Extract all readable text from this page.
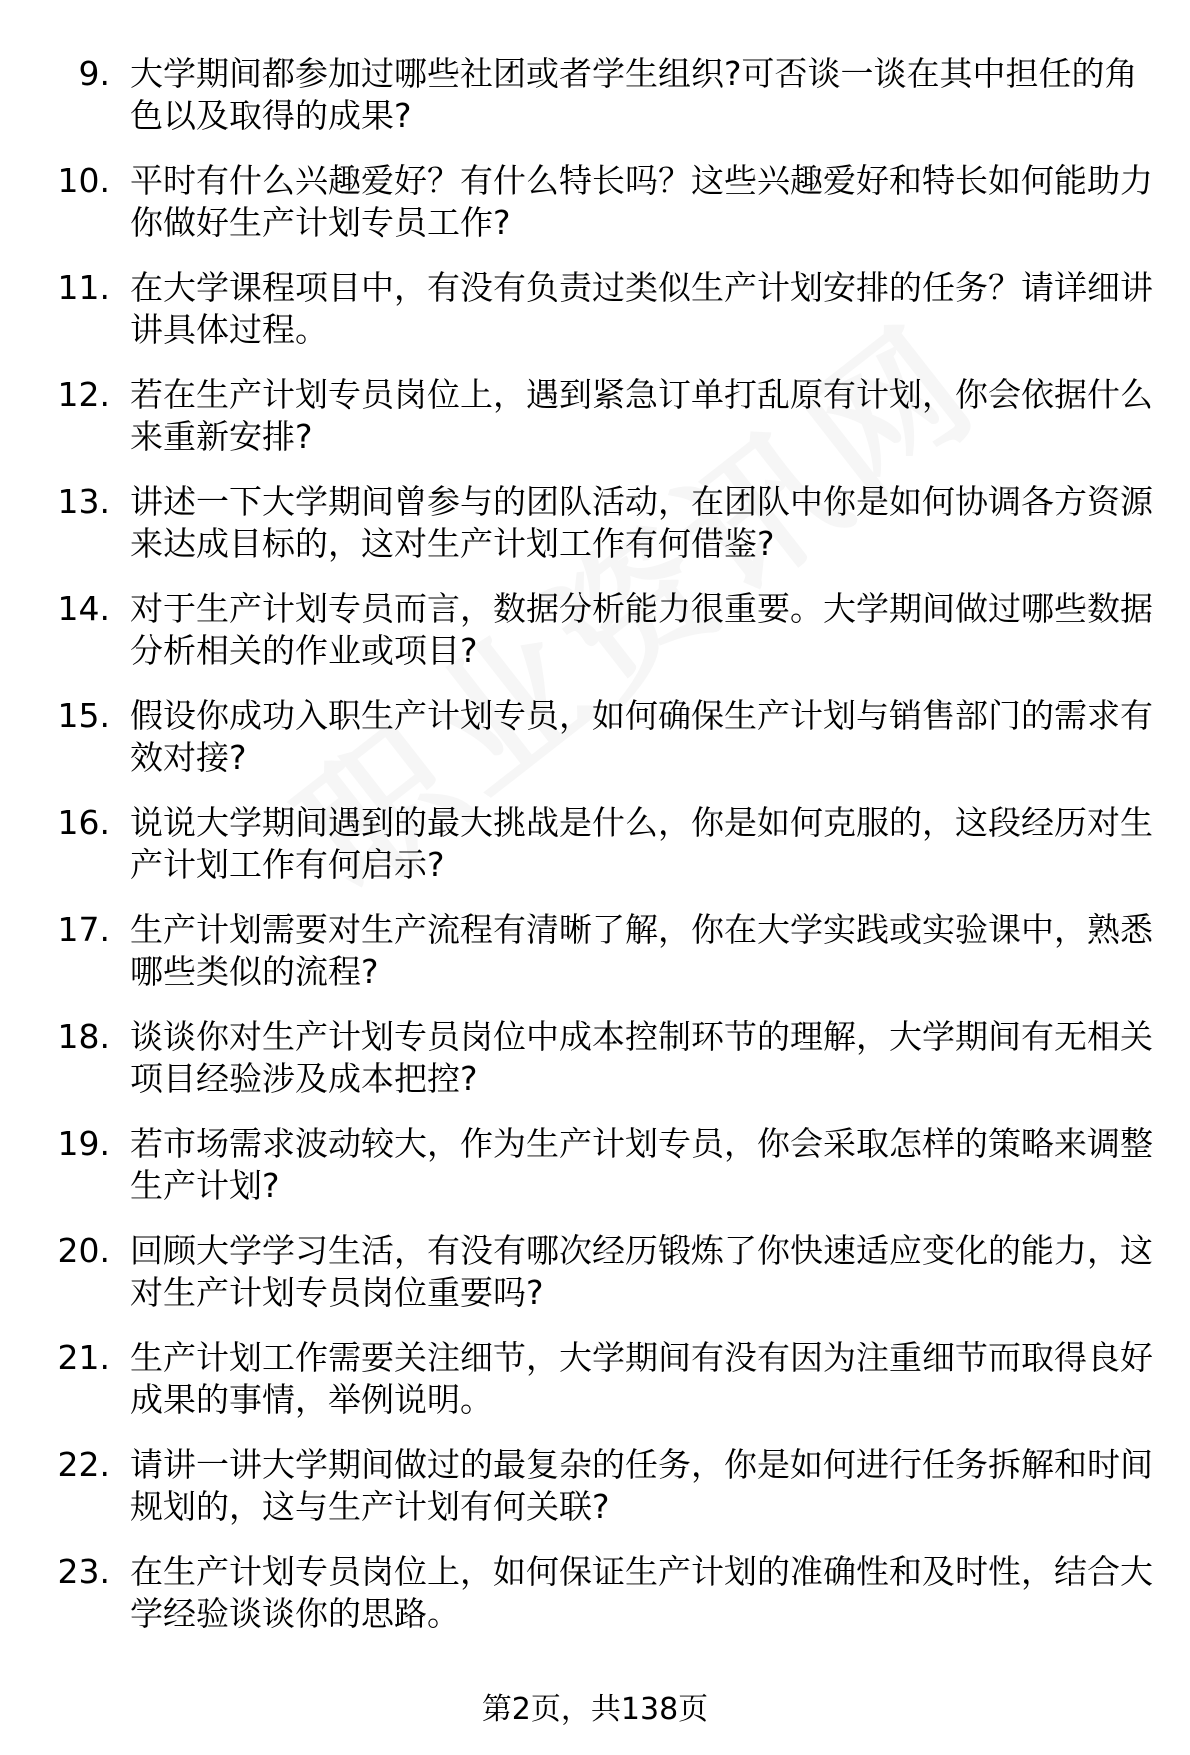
9. 大学期间都参加过哪些社团或者学生组织?可否谈一谈在其中担任的角色以及取得的成果?
10. 平时有什么兴趣爱好？有什么特长吗？这些兴趣爱好和特长如何能助力你做好生产计划专员工作?
11. 在大学课程项目中，有没有负责过类似生产计划安排的任务？请详细讲讲具体过程。
12. 若在生产计划专员岗位上，遇到紧急订单打乱原有计划，你会依据什么来重新安排?
13. 讲述一下大学期间曾参与的团队活动，在团队中你是如何协调各方资源来达成目标的，这对生产计划工作有何借鉴?
14. 对于生产计划专员而言，数据分析能力很重要。大学期间做过哪些数据分析相关的作业或项目?
15. 假设你成功入职生产计划专员，如何确保生产计划与销售部门的需求有效对接?
16. 说说大学期间遇到的最大挑战是什么，你是如何克服的，这段经历对生产计划工作有何启示?
17. 生产计划需要对生产流程有清晰了解，你在大学实践或实验课中，熟悉哪些类似的流程?
18. 谈谈你对生产计划专员岗位中成本控制环节的理解，大学期间有无相关项目经验涉及成本把控?
19. 若市场需求波动较大，作为生产计划专员，你会采取怎样的策略来调整生产计划?
20. 回顾大学学习生活，有没有哪次经历锻炼了你快速适应变化的能力，这对生产计划专员岗位重要吗?
21. 生产计划工作需要关注细节，大学期间有没有因为注重细节而取得良好成果的事情，举例说明。
22. 请讲一讲大学期间做过的最复杂的任务，你是如何进行任务拆解和时间规划的，这与生产计划有何关联?
23. 在生产计划专员岗位上，如何保证生产计划的准确性和及时性，结合大学经验谈谈你的思路。
第2页，共138页
